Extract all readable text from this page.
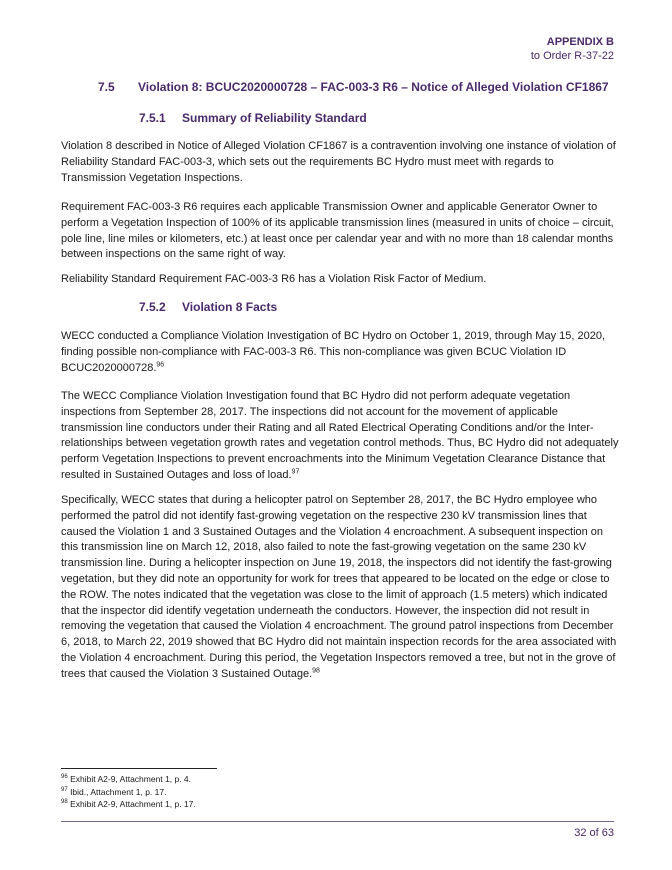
APPENDIX B
to Order R-37-22
7.5 Violation 8: BCUC2020000728 – FAC-003-3 R6 – Notice of Alleged Violation CF1867
7.5.1 Summary of Reliability Standard

Violation 8 described in Notice of Alleged Violation CF1867 is a contravention involving one instance of violation of Reliability Standard FAC-003-3, which sets out the requirements BC Hydro must meet with regards to Transmission Vegetation Inspections.

Requirement FAC-003-3 R6 requires each applicable Transmission Owner and applicable Generator Owner to perform a Vegetation Inspection of 100% of its applicable transmission lines (measured in units of choice – circuit, pole line, line miles or kilometers, etc.) at least once per calendar year and with no more than 18 calendar months between inspections on the same right of way.

Reliability Standard Requirement FAC-003-3 R6 has a Violation Risk Factor of Medium.

7.5.2 Violation 8 Facts

WECC conducted a Compliance Violation Investigation of BC Hydro on October 1, 2019, through May 15, 2020, finding possible non-compliance with FAC-003-3 R6. This non-compliance was given BCUC Violation ID BCUC2020000728.96

The WECC Compliance Violation Investigation found that BC Hydro did not perform adequate vegetation inspections from September 28, 2017. The inspections did not account for the movement of applicable transmission line conductors under their Rating and all Rated Electrical Operating Conditions and/or the Inter-relationships between vegetation growth rates and vegetation control methods. Thus, BC Hydro did not adequately perform Vegetation Inspections to prevent encroachments into the Minimum Vegetation Clearance Distance that resulted in Sustained Outages and loss of load.$^{97}$

Specifically, WECC states that during a helicopter patrol on September 28, 2017, the BC Hydro employee who performed the patrol did not identify fast-growing vegetation on the respective 230 kV transmission lines that caused the Violation 1 and 3 Sustained Outages and the Violation 4 encroachment. A subsequent inspection on this transmission line on March 12, 2018, also failed to note the fast-growing vegetation on the same 230 kV transmission line. During a helicopter inspection on June 19, 2018, the inspectors did not identify the fast-growing vegetation, but they did note an opportunity for work for trees that appeared to be located on the edge or close to the ROW. The notes indicated that the vegetation was close to the limit of approach (1.5 meters) which indicated that the inspector did identify vegetation underneath the conductors. However, the inspection did not result in removing the vegetation that caused the Violation 4 encroachment. The ground patrol inspections from December 6, 2018, to March 22, 2019 showed that BC Hydro did not maintain inspection records for the area associated with the Violation 4 encroachment. During this period, the Vegetation Inspectors removed a tree, but not in the grove of trees that caused the Violation 3 Sustained Outage.$^{98}$

$^{96}$ Exhibit A2-9, Attachment 1, p. 4.
$^{97}$ Ibid., Attachment 1, p. 17.
$^{98}$ Exhibit A2-9, Attachment 1, p. 17.
32 of 63
